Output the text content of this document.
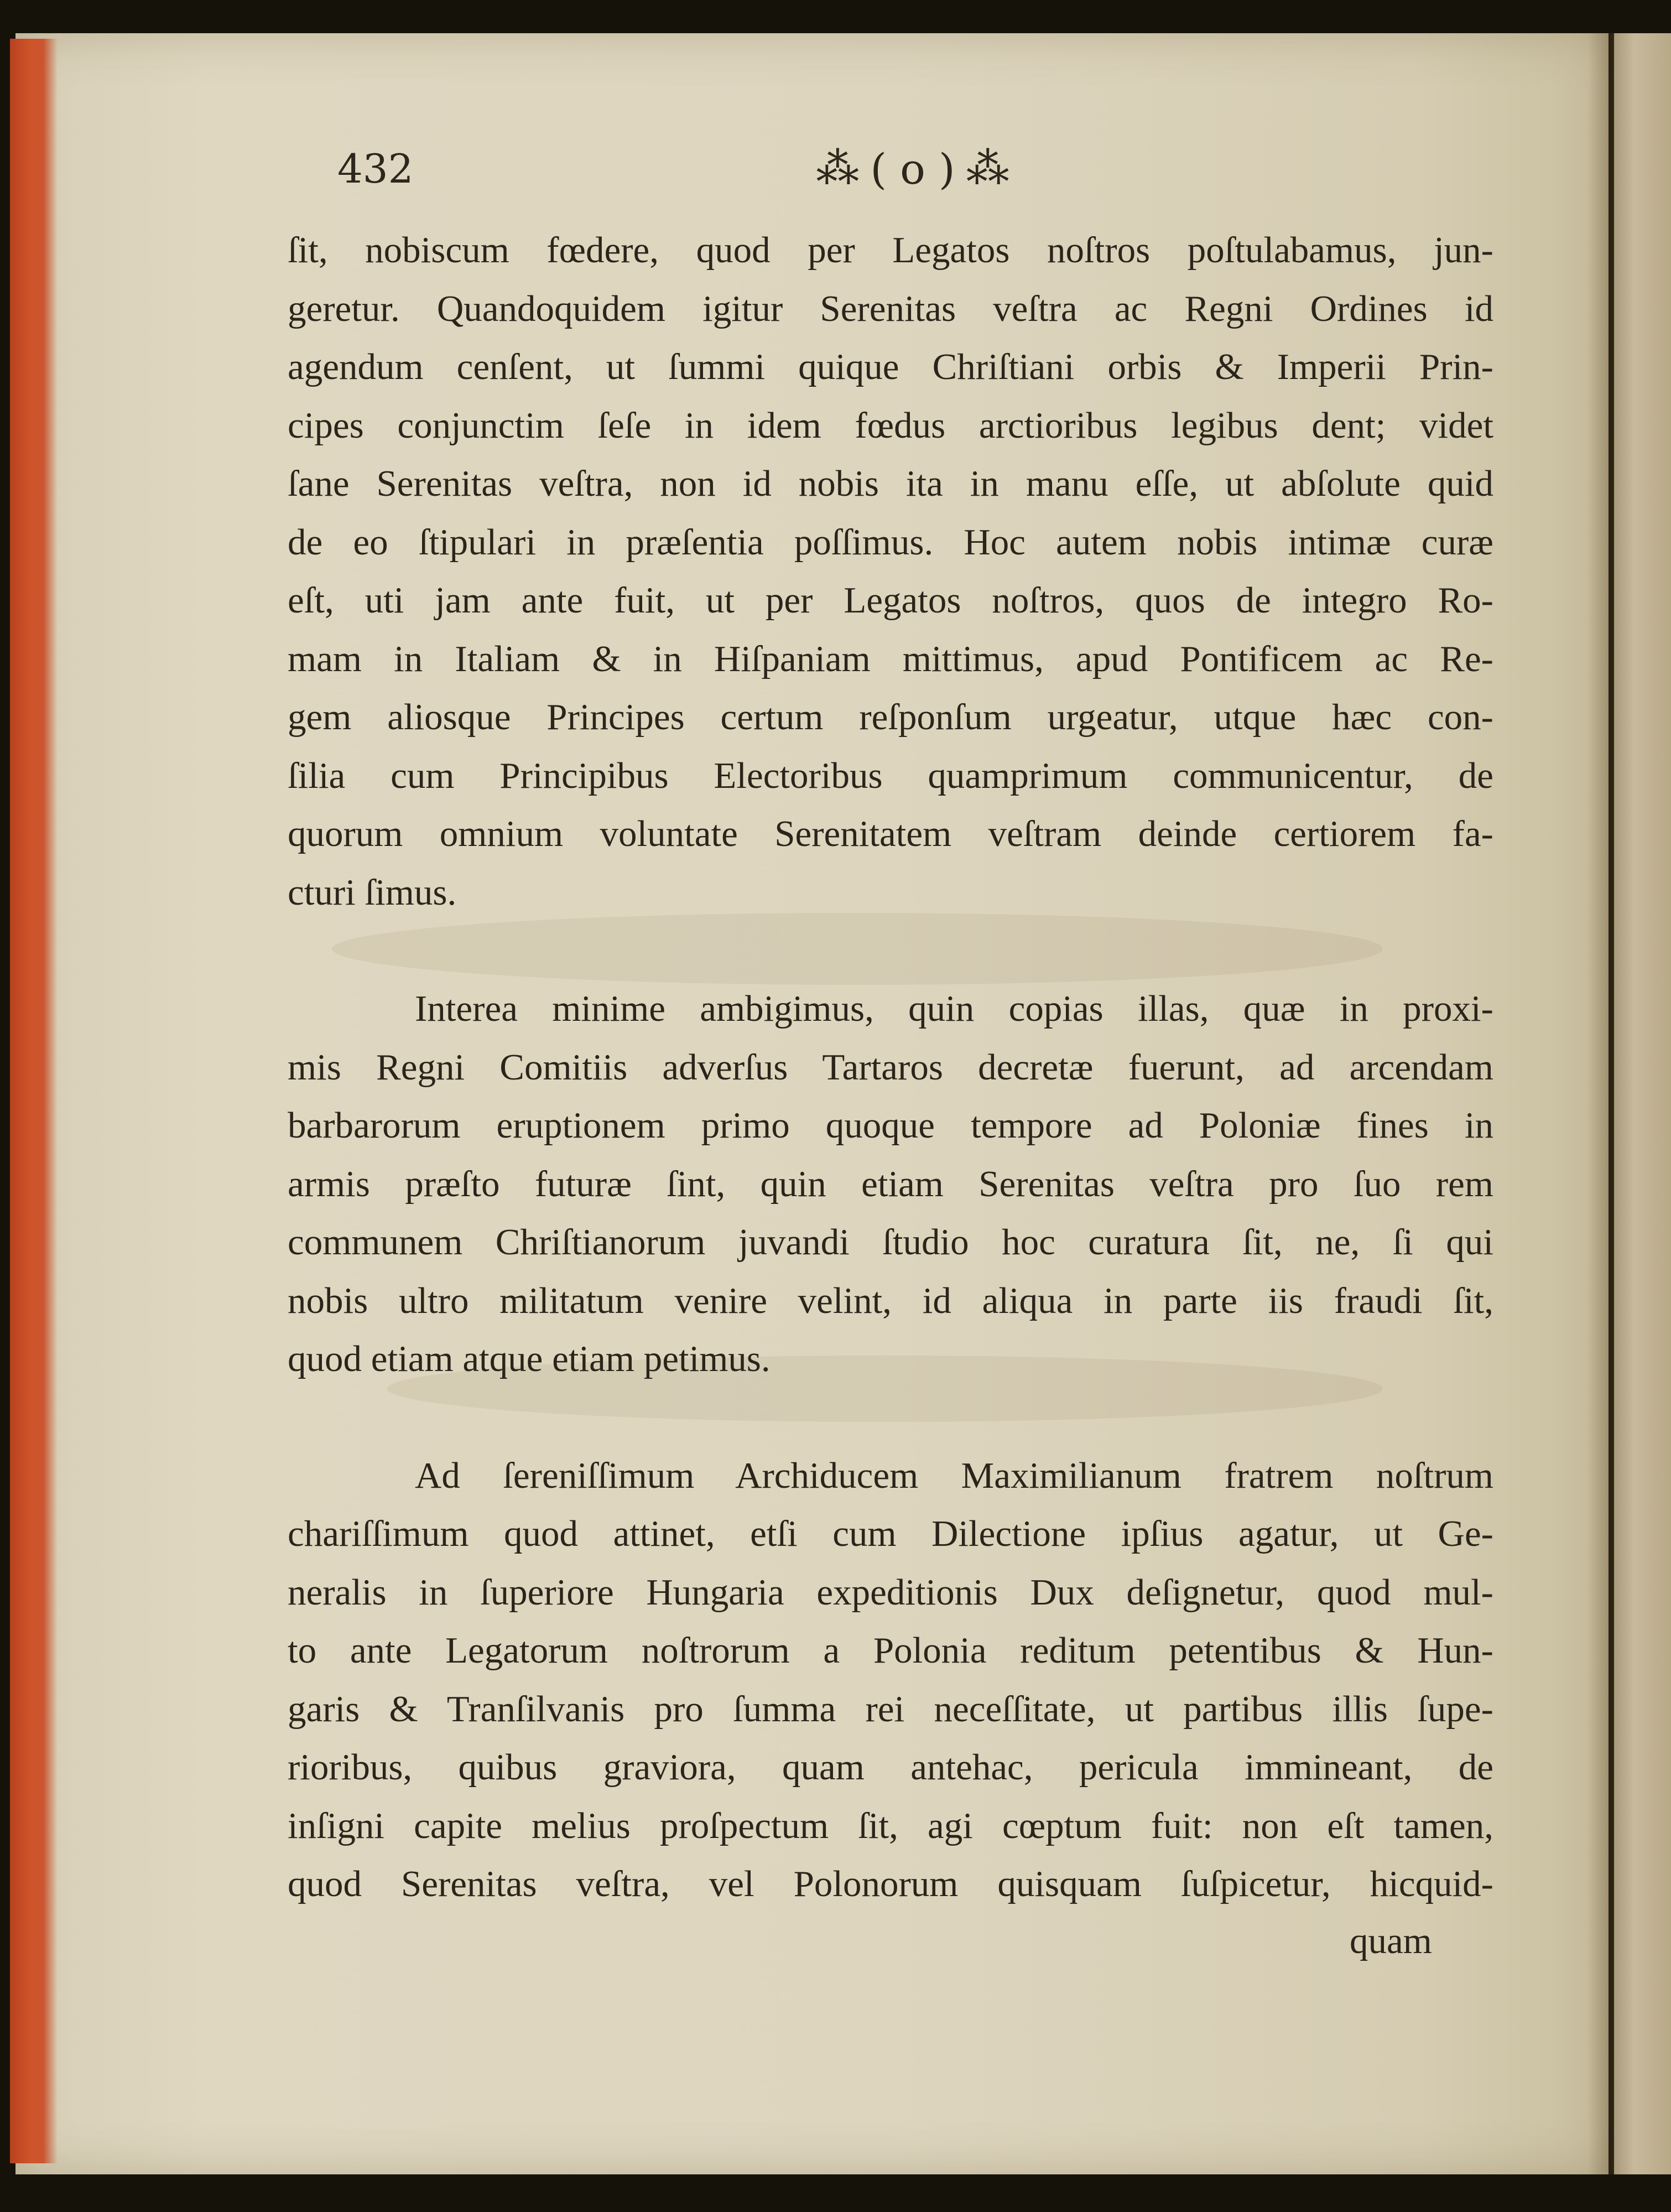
432	⁂ ( o ) ⁂
ſit, nobiscum fœdere, quod per Legatos noſtros poſtulabamus, jun-
geretur. Quandoquidem igitur Serenitas veſtra ac Regni Ordines id
agendum cenſent, ut ſummi quique Chriſtiani orbis & Imperii Prin-
cipes conjunctim ſeſe in idem fœdus arctioribus legibus dent; videt
ſane Serenitas veſtra, non id nobis ita in manu eſſe, ut abſolute quid
de eo ſtipulari in præſentia poſſimus. Hoc autem nobis intimæ curæ
eſt, uti jam ante fuit, ut per Legatos noſtros, quos de integro Ro-
mam in Italiam & in Hiſpaniam mittimus, apud Pontificem ac Re-
gem aliosque Principes certum reſponſum urgeatur, utque hæc con-
ſilia cum Principibus Electoribus quamprimum communicentur, de
quorum omnium voluntate Serenitatem veſtram deinde certiorem fa-
cturi ſimus.
Interea minime ambigimus, quin copias illas, quæ in proxi-
mis Regni Comitiis adverſus Tartaros decretæ fuerunt, ad arcendam
barbarorum eruptionem primo quoque tempore ad Poloniæ fines in
armis præſto futuræ ſint, quin etiam Serenitas veſtra pro ſuo rem
communem Chriſtianorum juvandi ſtudio hoc curatura ſit, ne, ſi qui
nobis ultro militatum venire velint, id aliqua in parte iis fraudi ſit,
quod etiam atque etiam petimus.
Ad ſereniſſimum Archiducem Maximilianum fratrem noſtrum
chariſſimum quod attinet, etſi cum Dilectione ipſius agatur, ut Ge-
neralis in ſuperiore Hungaria expeditionis Dux deſignetur, quod mul-
to ante Legatorum noſtrorum a Polonia reditum petentibus & Hun-
garis & Tranſilvanis pro ſumma rei neceſſitate, ut partibus illis ſupe-
rioribus, quibus graviora, quam antehac, pericula immineant, de
inſigni capite melius proſpectum ſit, agi cœptum fuit: non eſt tamen,
quod Serenitas veſtra, vel Polonorum quisquam ſuſpicetur, hicquid-
quam
